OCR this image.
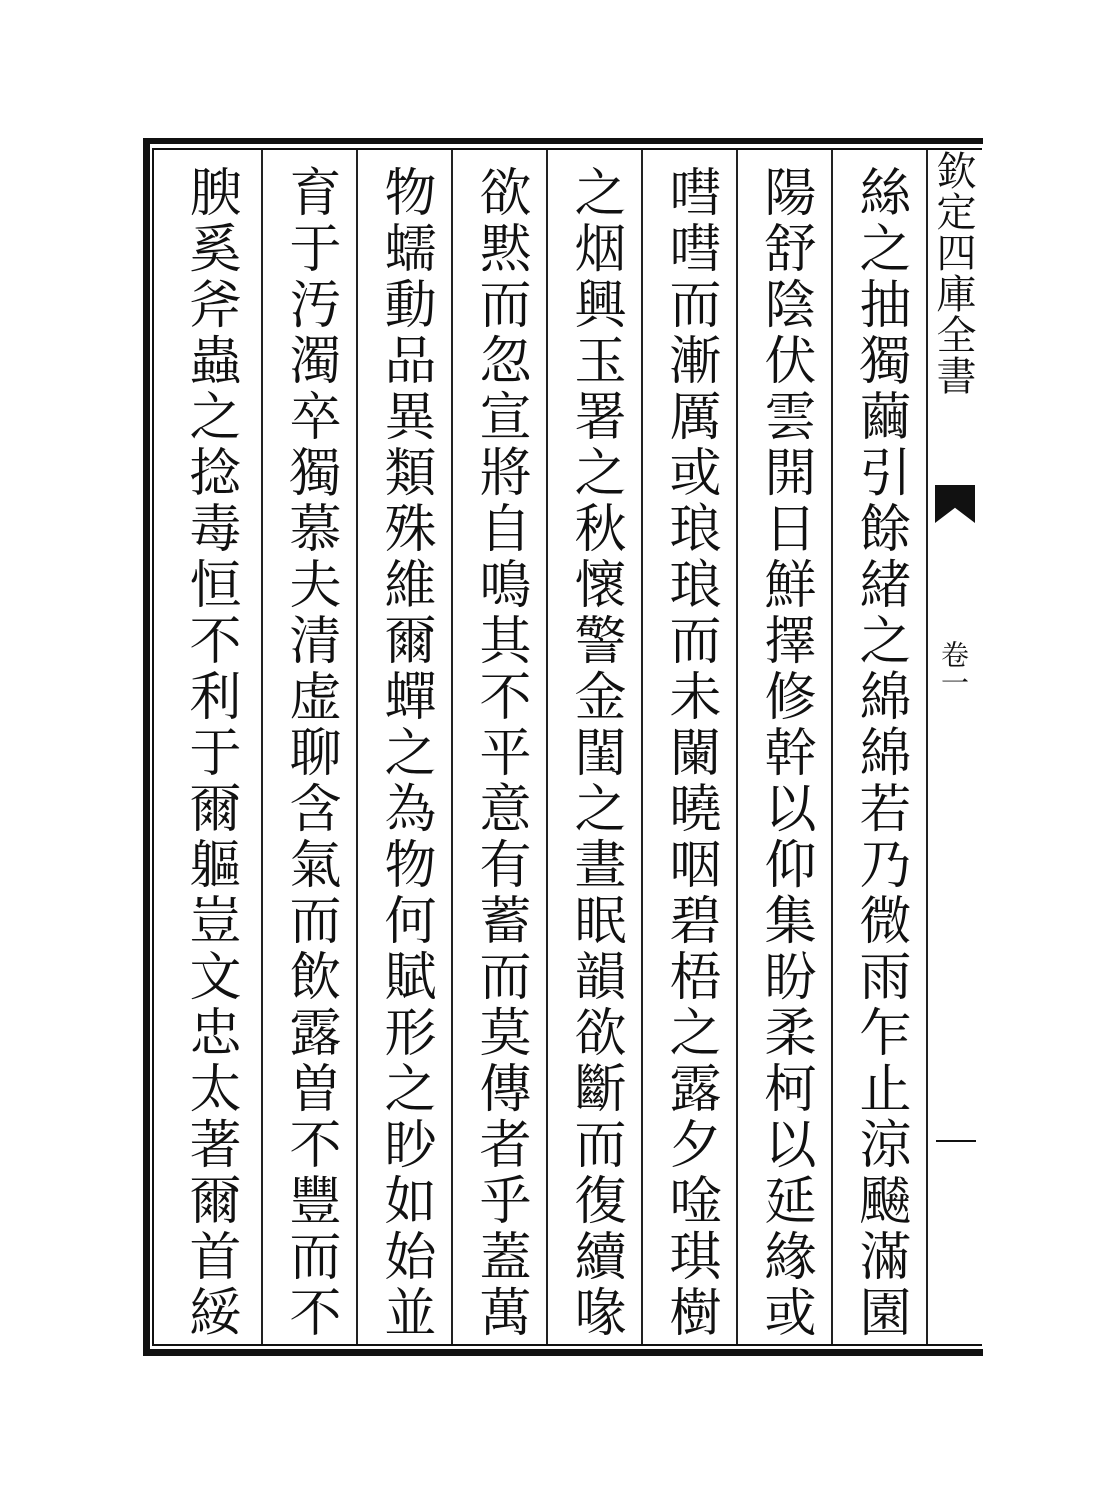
欽定四庫全書
卷一
絲之抽獨繭引餘緒之綿綿若乃微雨乍止涼飇滿園
陽舒陰伏雲開日鮮擇修幹以仰集盼柔柯以延緣或
嘒嘒而漸厲或琅琅而未闌曉咽碧梧之露夕唫琪樹
之烟興玉署之秋懷警金閨之晝眠韻欲斷而復續喙
欲黙而忽宣將自鳴其不平意有蓄而莫傳者乎蓋萬
物蠕動品異類殊維爾蟬之為物何賦形之眇如始並
育于汚濁卒獨慕夫清虚聊含氣而飲露曽不豐而不
腴奚斧蟲之捻毒恒不利于爾軀豈文忠太著爾首綏
